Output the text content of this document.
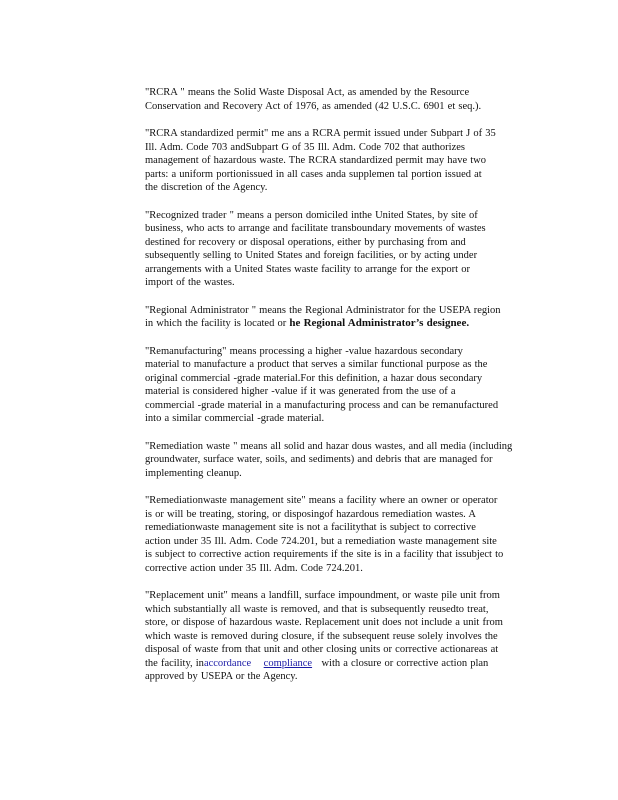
"RCRA " means the Solid Waste Disposal Act, as amended by the Resource
Conservation and Recovery Act of 1976, as amended (42 U.S.C. 6901 et seq.).

"RCRA standardized permit" me ans a RCRA permit issued under Subpart J of 35
Ill. Adm. Code 703 andSubpart G of 35 Ill. Adm. Code 702 that authorizes
management of hazardous waste. The RCRA standardized permit may have two
parts: a uniform portionissued in all cases anda supplemen tal portion issued at
the discretion of the Agency.

"Recognized trader " means a person domiciled inthe United States, by site of
business, who acts to arrange and facilitate transboundary movements of wastes
destined for recovery or disposal operations, either by purchasing from and
subsequently selling to United States and foreign facilities, or by acting under
arrangements with a United States waste facility to arrange for the export or
import of the wastes.

"Regional Administrator " means the Regional Administrator for the USEPA region
in which the facility is located or he Regional Administrator’s designee.

"Remanufacturing" means processing a higher -value hazardous secondary
material to manufacture a product that serves a similar functional purpose as the
original commercial -grade material.For this definition, a hazar dous secondary
material is considered higher -value if it was generated from the use of a
commercial -grade material in a manufacturing process and can be remanufactured
into a similar commercial -grade material.

"Remediation waste " means all solid and hazar dous wastes, and all media (including
groundwater, surface water, soils, and sediments) and debris that are managed for
implementing cleanup.

"Remediationwaste management site" means a facility where an owner or operator
is or will be treating, storing, or disposingof hazardous remediation wastes. A
remediationwaste management site is not a facilitythat is subject to corrective
action under 35 Ill. Adm. Code 724.201, but a remediation waste management site
is subject to corrective action requirements if the site is in a facility that issubject to
corrective action under 35 Ill. Adm. Code 724.201.

"Replacement unit" means a landfill, surface impoundment, or waste pile unit from
which substantially all waste is removed, and that is subsequently reusedto treat,
store, or dispose of hazardous waste. Replacement unit does not include a unit from
which waste is removed during closure, if the subsequent reuse solely involves the
disposal of waste from that unit and other closing units or corrective actionareas at
the facility, inaccordance compliance with a closure or corrective action plan
approved by USEPA or the Agency.
